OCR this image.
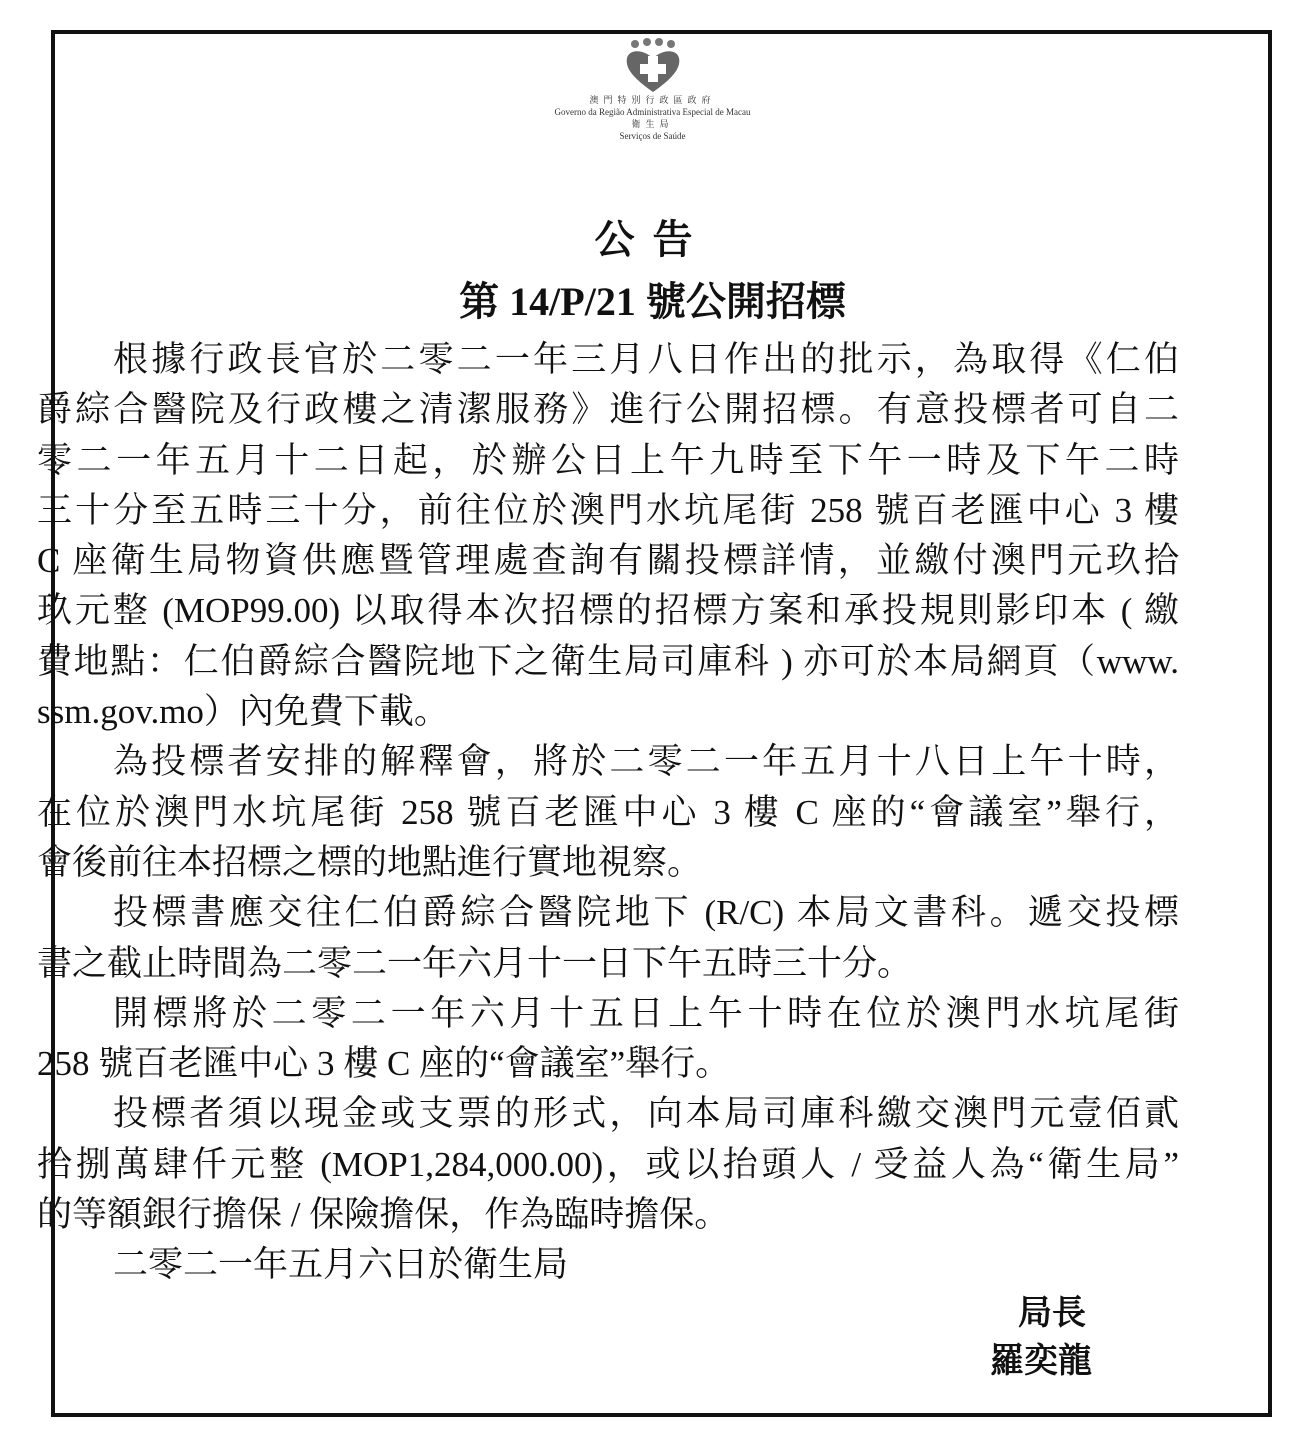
澳門特別行政區政府
Governo da Região Administrativa Especial de Macau
衛生局
Serviços de Saúde
公告
第 14/P/21 號公開招標
根據行政長官於二零二一年三月八日作出的批示，為取得《仁伯
爵綜合醫院及行政樓之清潔服務》進行公開招標。有意投標者可自二
零二一年五月十二日起，於辦公日上午九時至下午一時及下午二時
三十分至五時三十分，前往位於澳門水坑尾街 258 號百老匯中心 3 樓
C 座衛生局物資供應暨管理處查詢有關投標詳情，並繳付澳門元玖拾
玖元整 (MOP99.00) 以取得本次招標的招標方案和承投規則影印本 ( 繳
費地點：仁伯爵綜合醫院地下之衛生局司庫科 ) 亦可於本局網頁（www.
ssm.gov.mo）內免費下載。
為投標者安排的解釋會，將於二零二一年五月十八日上午十時，
在位於澳門水坑尾街 258 號百老匯中心 3 樓 C 座的“會議室”舉行，
會後前往本招標之標的地點進行實地視察。
投標書應交往仁伯爵綜合醫院地下 (R/C) 本局文書科。遞交投標
書之截止時間為二零二一年六月十一日下午五時三十分。
開標將於二零二一年六月十五日上午十時在位於澳門水坑尾街
258 號百老匯中心 3 樓 C 座的“會議室”舉行。
投標者須以現金或支票的形式，向本局司庫科繳交澳門元壹佰貳
拾捌萬肆仟元整 (MOP1,284,000.00)，或以抬頭人 / 受益人為“衛生局”
的等額銀行擔保 / 保險擔保，作為臨時擔保。
二零二一年五月六日於衛生局
局長
羅奕龍
